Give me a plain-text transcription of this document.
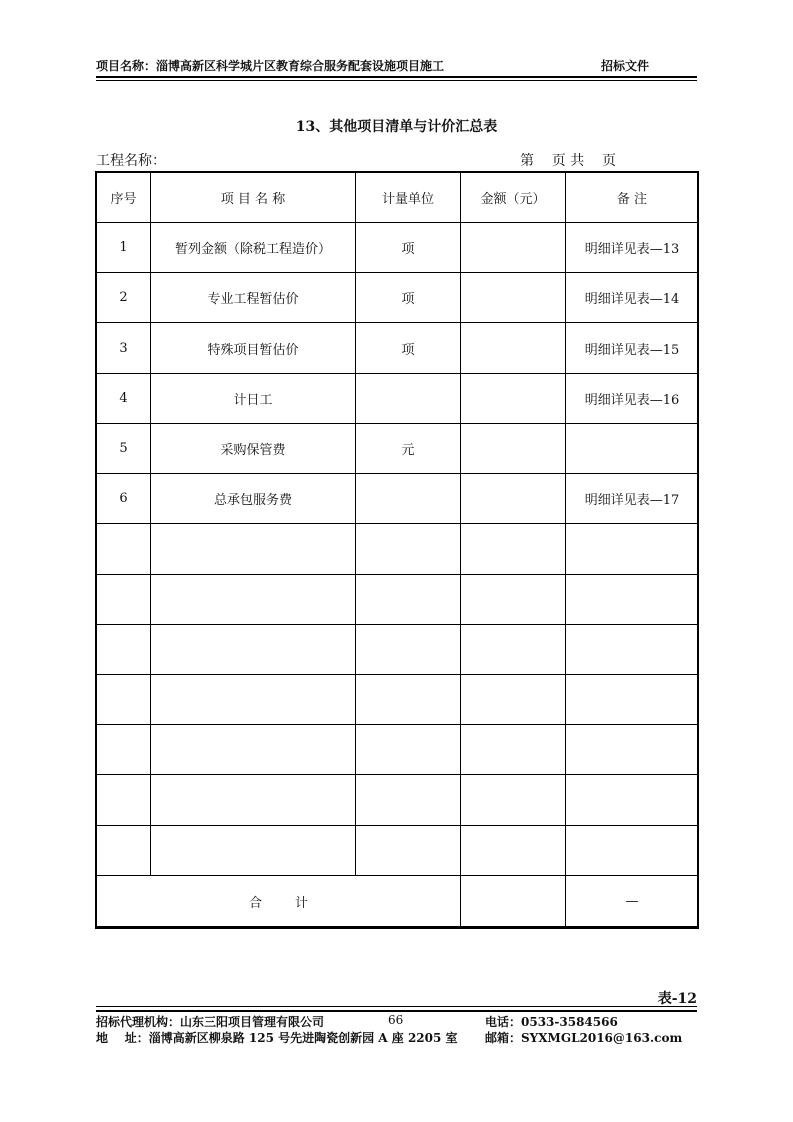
项目名称：淄博高新区科学城片区教育综合服务配套设施项目施工	招标文件
13、其他项目清单与计价汇总表
工程名称：	第    页 共    页
序号	项 目 名 称	计量单位	金额（元）	备 注
1	暂列金额（除税工程造价）	项		明细详见表—13
2	专业工程暂估价	项		明细详见表—14
3	特殊项目暂估价	项		明细详见表—15
4	计日工			明细详见表—16
5	采购保管费	元		
6	总承包服务费			明细详见表—17

合        计				—
表-12
招标代理机构：山东三阳项目管理有限公司	66	电话：0533-3584566
地    址：淄博高新区柳泉路 125 号先进陶瓷创新园 A 座 2205 室 邮箱：SYXMGL2016@163.com
